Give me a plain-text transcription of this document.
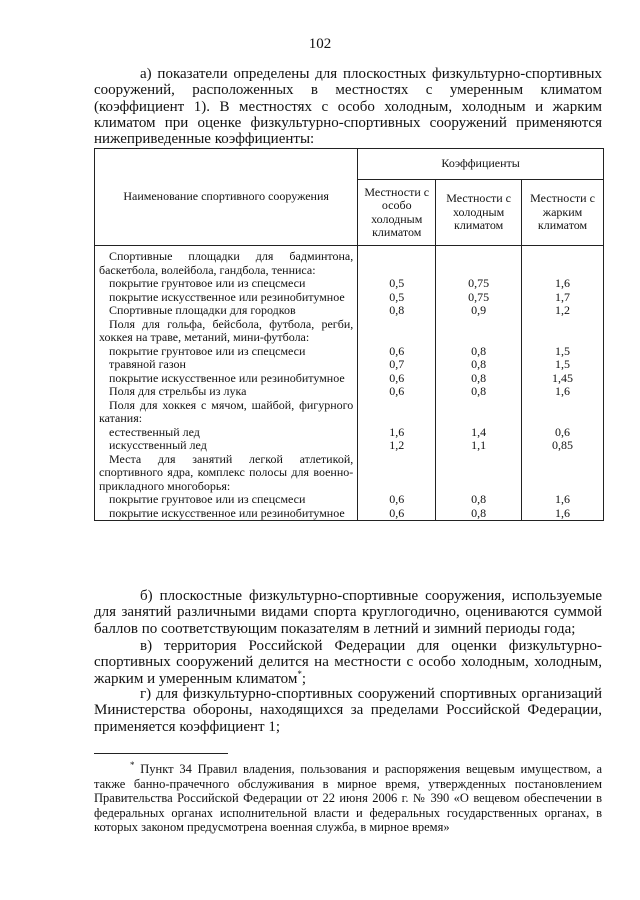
102

а) показатели определены для плоскостных физкультурно-спортивных сооружений, расположенных в местностях с умеренным климатом (коэффициент 1). В местностях с особо холодным, холодным и жарким климатом при оценке физкультурно-спортивных сооружений применяются нижеприведенные коэффициенты:

Наименование спортивного сооружения	Коэффициенты		
	Местности с особо холодным климатом	Местности с холодным климатом	Местности с жарким климатом
Спортивные площадки для бадминтона, баскетбола, волейбола, гандбола, тенниса:			
покрытие грунтовое или из спецсмеси	0,5	0,75	1,6
покрытие искусственное или резинобитумное	0,5	0,75	1,7
Спортивные площадки для городков	0,8	0,9	1,2
Поля для гольфа, бейсбола, футбола, регби, хоккея на траве, метаний, мини-футбола:			
покрытие грунтовое или из спецсмеси	0,6	0,8	1,5
травяной газон	0,7	0,8	1,5
покрытие искусственное или резинобитумное	0,6	0,8	1,45
Поля для стрельбы из лука	0,6	0,8	1,6
Поля для хоккея с мячом, шайбой, фигурного катания:			
естественный лед	1,6	1,4	0,6
искусственный лед	1,2	1,1	0,85
Места для занятий легкой атлетикой, спортивного ядра, комплекс полосы для военно-прикладного многоборья:			
покрытие грунтовое или из спецсмеси	0,6	0,8	1,6
покрытие искусственное или резинобитумное	0,6	0,8	1,6

б) плоскостные физкультурно-спортивные сооружения, используемые для занятий различными видами спорта круглогодично, оцениваются суммой баллов по соответствующим показателям в летний и зимний периоды года;

в) территория Российской Федерации для оценки физкультурно-спортивных сооружений делится на местности с особо холодным, холодным, жарким и умеренным климатом*;

г) для физкультурно-спортивных сооружений спортивных организаций Министерства обороны, находящихся за пределами Российской Федерации, применяется коэффициент 1;

* Пункт 34 Правил владения, пользования и распоряжения вещевым имуществом, а также банно-прачечного обслуживания в мирное время, утвержденных постановлением Правительства Российской Федерации от 22 июня 2006 г. № 390 «О вещевом обеспечении в федеральных органах исполнительной власти и федеральных государственных органах, в которых законом предусмотрена военная служба, в мирное время»
